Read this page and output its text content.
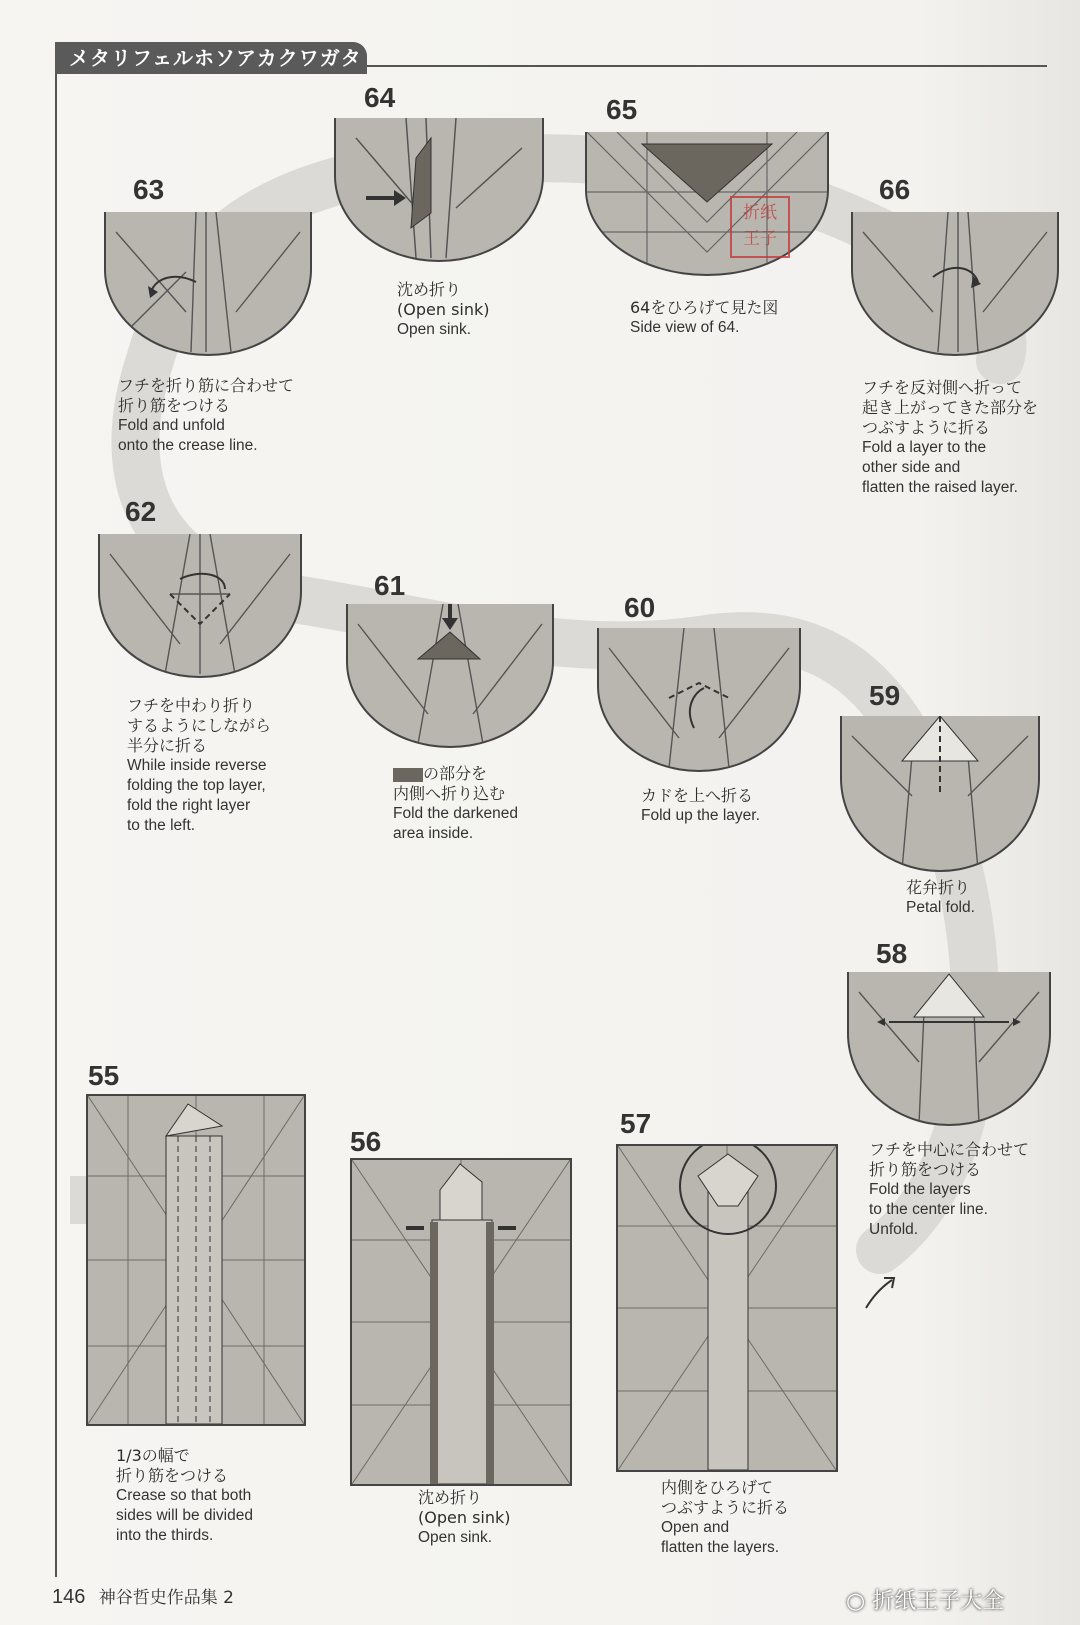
メタリフェルホソアカクワガタ
64
沈め折り
(Open sink)
Open sink.
65
折纸王子
64をひろげて見た図
Side view of 64.
63
フチを折り筋に合わせて
折り筋をつける
Fold and unfold
onto the crease line.
66
フチを反対側へ折って
起き上がってきた部分を
つぶすように折る
Fold a layer to the
other side and
flatten the raised layer.
62
フチを中わり折り
するようにしながら
半分に折る
While inside reverse
folding the top layer,
fold the right layer
to the left.
61
の部分を
内側へ折り込む
Fold the darkened
area inside.
60
カドを上へ折る
Fold up the layer.
59
花弁折り
Petal fold.
58
フチを中心に合わせて
折り筋をつける
Fold the layers
to the center line.
Unfold.
55
1/3の幅で
折り筋をつける
Crease so that both
sides will be divided
into the thirds.
56
沈め折り
(Open sink)
Open sink.
57
内側をひろげて
つぶすように折る
Open and
flatten the layers.
146 神谷哲史作品集 2	○ 折纸王子大全
